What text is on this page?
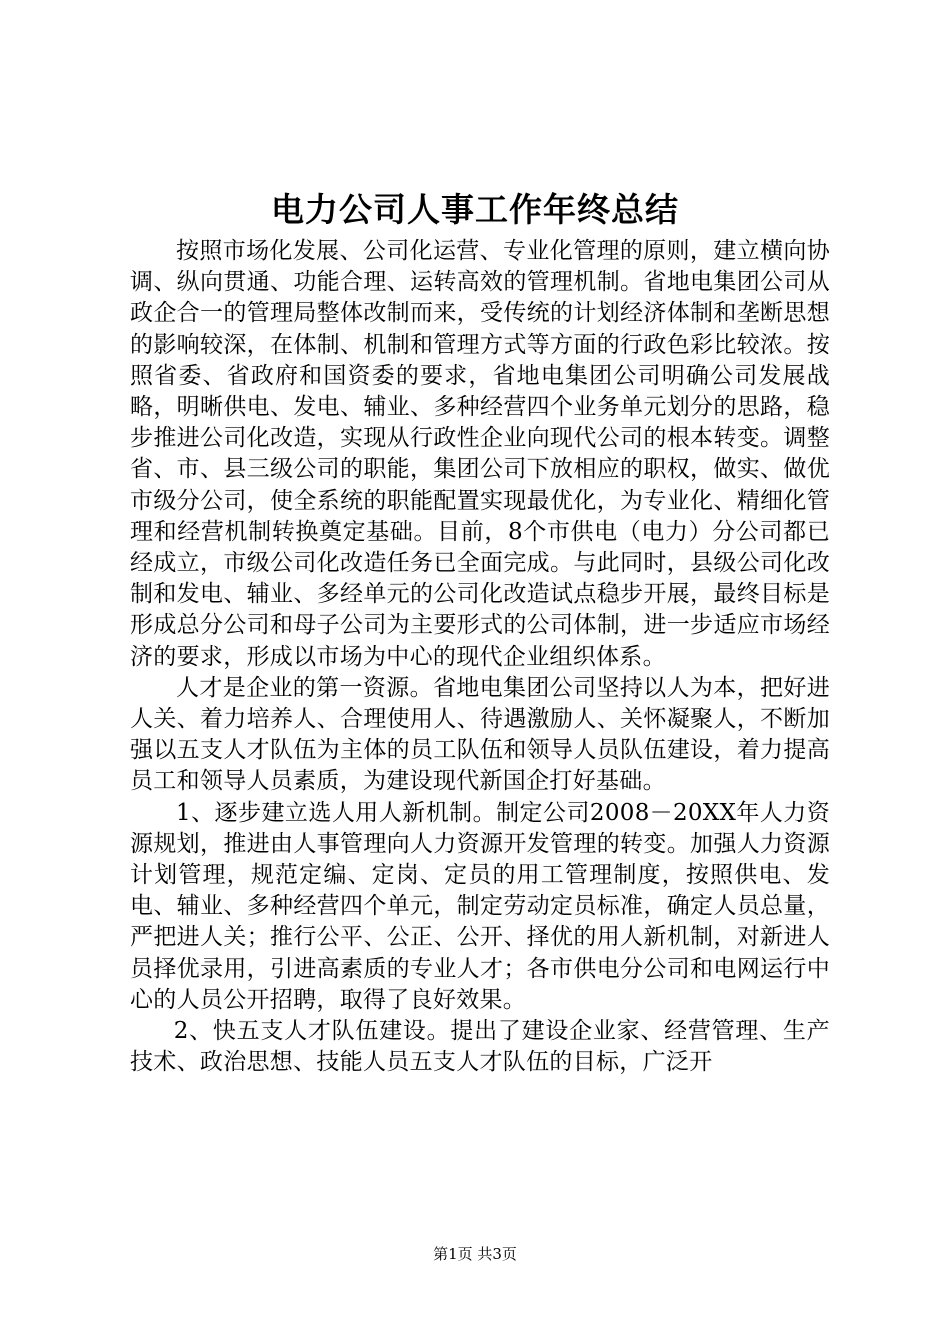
电力公司人事工作年终总结

按照市场化发展、公司化运营、专业化管理的原则，建立横向协调、纵向贯通、功能合理、运转高效的管理机制。省地电集团公司从政企合一的管理局整体改制而来，受传统的计划经济体制和垄断思想的影响较深，在体制、机制和管理方式等方面的行政色彩比较浓。按照省委、省政府和国资委的要求，省地电集团公司明确公司发展战略，明晰供电、发电、辅业、多种经营四个业务单元划分的思路，稳步推进公司化改造，实现从行政性企业向现代公司的根本转变。调整省、市、县三级公司的职能，集团公司下放相应的职权，做实、做优市级分公司，使全系统的职能配置实现最优化，为专业化、精细化管理和经营机制转换奠定基础。目前，8个市供电（电力）分公司都已经成立，市级公司化改造任务已全面完成。与此同时，县级公司化改制和发电、辅业、多经单元的公司化改造试点稳步开展，最终目标是形成总分公司和母子公司为主要形式的公司体制，进一步适应市场经济的要求，形成以市场为中心的现代企业组织体系。

人才是企业的第一资源。省地电集团公司坚持以人为本，把好进人关、着力培养人、合理使用人、待遇激励人、关怀凝聚人，不断加强以五支人才队伍为主体的员工队伍和领导人员队伍建设，着力提高员工和领导人员素质，为建设现代新国企打好基础。

1、逐步建立选人用人新机制。制定公司2008－20XX年人力资源规划，推进由人事管理向人力资源开发管理的转变。加强人力资源计划管理，规范定编、定岗、定员的用工管理制度，按照供电、发电、辅业、多种经营四个单元，制定劳动定员标准，确定人员总量，严把进人关；推行公平、公正、公开、择优的用人新机制，对新进人员择优录用，引进高素质的专业人才；各市供电分公司和电网运行中心的人员公开招聘，取得了良好效果。

2、快五支人才队伍建设。提出了建设企业家、经营管理、生产技术、政治思想、技能人员五支人才队伍的目标，广泛开

第1页 共3页
